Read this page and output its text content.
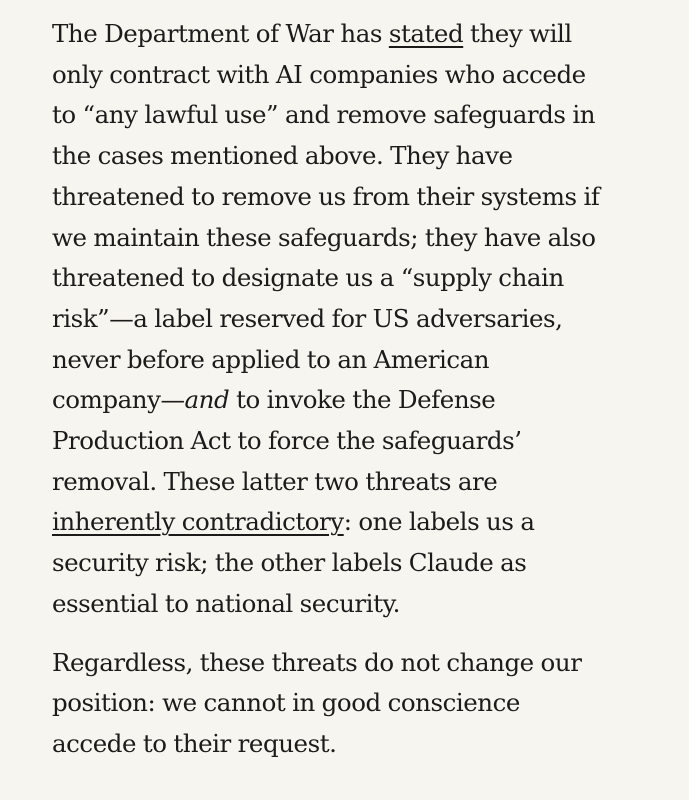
The Department of War has stated they will
only contract with AI companies who accede
to “any lawful use” and remove safeguards in
the cases mentioned above. They have
threatened to remove us from their systems if
we maintain these safeguards; they have also
threatened to designate us a “supply chain
risk”—a label reserved for US adversaries,
never before applied to an American
company—and to invoke the Defense
Production Act to force the safeguards’
removal. These latter two threats are
inherently contradictory: one labels us a
security risk; the other labels Claude as
essential to national security.

Regardless, these threats do not change our
position: we cannot in good conscience
accede to their request.
